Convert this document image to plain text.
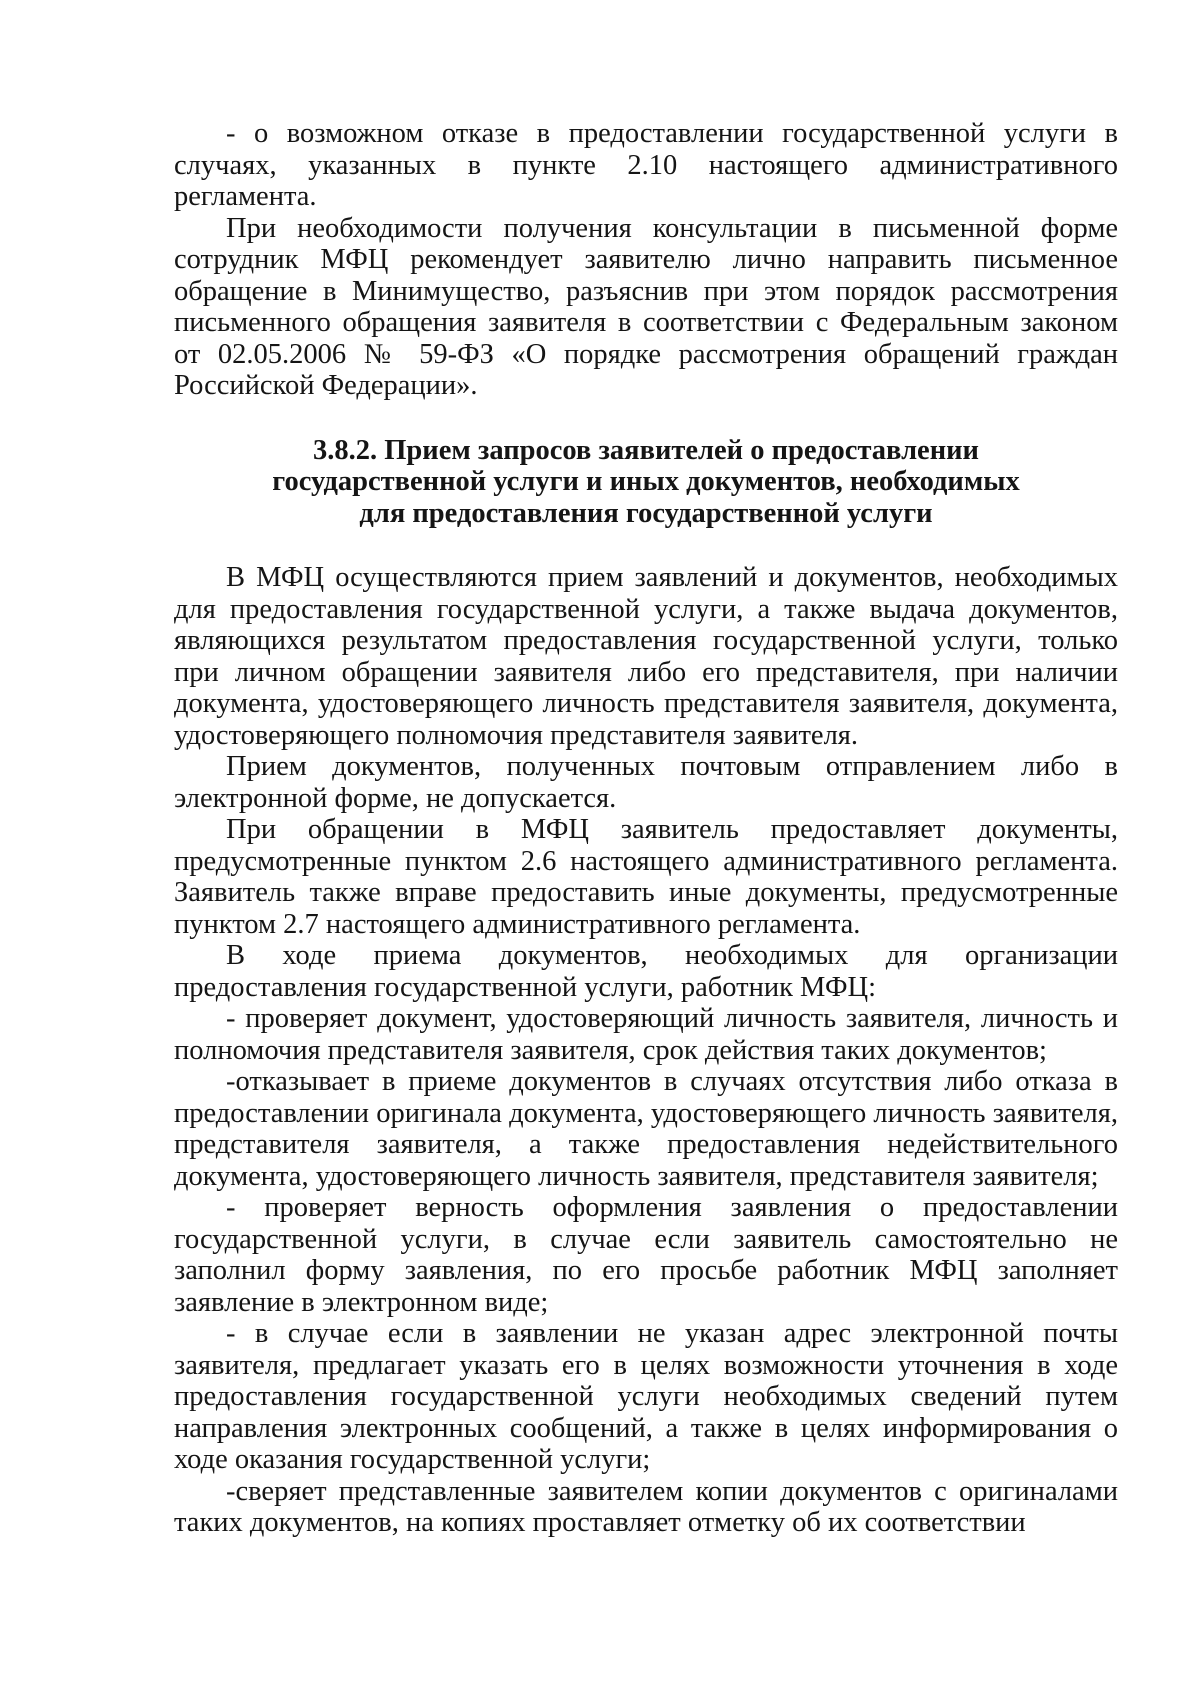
- о возможном отказе в предоставлении государственной услуги в случаях, указанных в пункте 2.10 настоящего административного регламента.

При необходимости получения консультации в письменной форме сотрудник МФЦ рекомендует заявителю лично направить письменное обращение в Минимущество, разъяснив при этом порядок рассмотрения письменного обращения заявителя в соответствии с Федеральным законом от 02.05.2006 № 59-ФЗ «О порядке рассмотрения обращений граждан Российской Федерации».

3.8.2. Прием запросов заявителей о предоставлении
государственной услуги и иных документов, необходимых
для предоставления государственной услуги

В МФЦ осуществляются прием заявлений и документов, необходимых для предоставления государственной услуги, а также выдача документов, являющихся результатом предоставления государственной услуги, только при личном обращении заявителя либо его представителя, при наличии документа, удостоверяющего личность представителя заявителя, документа, удостоверяющего полномочия представителя заявителя.

Прием документов, полученных почтовым отправлением либо в электронной форме, не допускается.

При обращении в МФЦ заявитель предоставляет документы, предусмотренные пунктом 2.6 настоящего административного регламента. Заявитель также вправе предоставить иные документы, предусмотренные пунктом 2.7 настоящего административного регламента.

В ходе приема документов, необходимых для организации предоставления государственной услуги, работник МФЦ:

- проверяет документ, удостоверяющий личность заявителя, личность и полномочия представителя заявителя, срок действия таких документов;

-отказывает в приеме документов в случаях отсутствия либо отказа в предоставлении оригинала документа, удостоверяющего личность заявителя, представителя заявителя, а также предоставления недействительного документа, удостоверяющего личность заявителя, представителя заявителя;

- проверяет верность оформления заявления о предоставлении государственной услуги, в случае если заявитель самостоятельно не заполнил форму заявления, по его просьбе работник МФЦ заполняет заявление в электронном виде;

- в случае если в заявлении не указан адрес электронной почты заявителя, предлагает указать его в целях возможности уточнения в ходе предоставления государственной услуги необходимых сведений путем направления электронных сообщений, а также в целях информирования о ходе оказания государственной услуги;

-сверяет представленные заявителем копии документов с оригиналами таких документов, на копиях проставляет отметку об их соответствии
